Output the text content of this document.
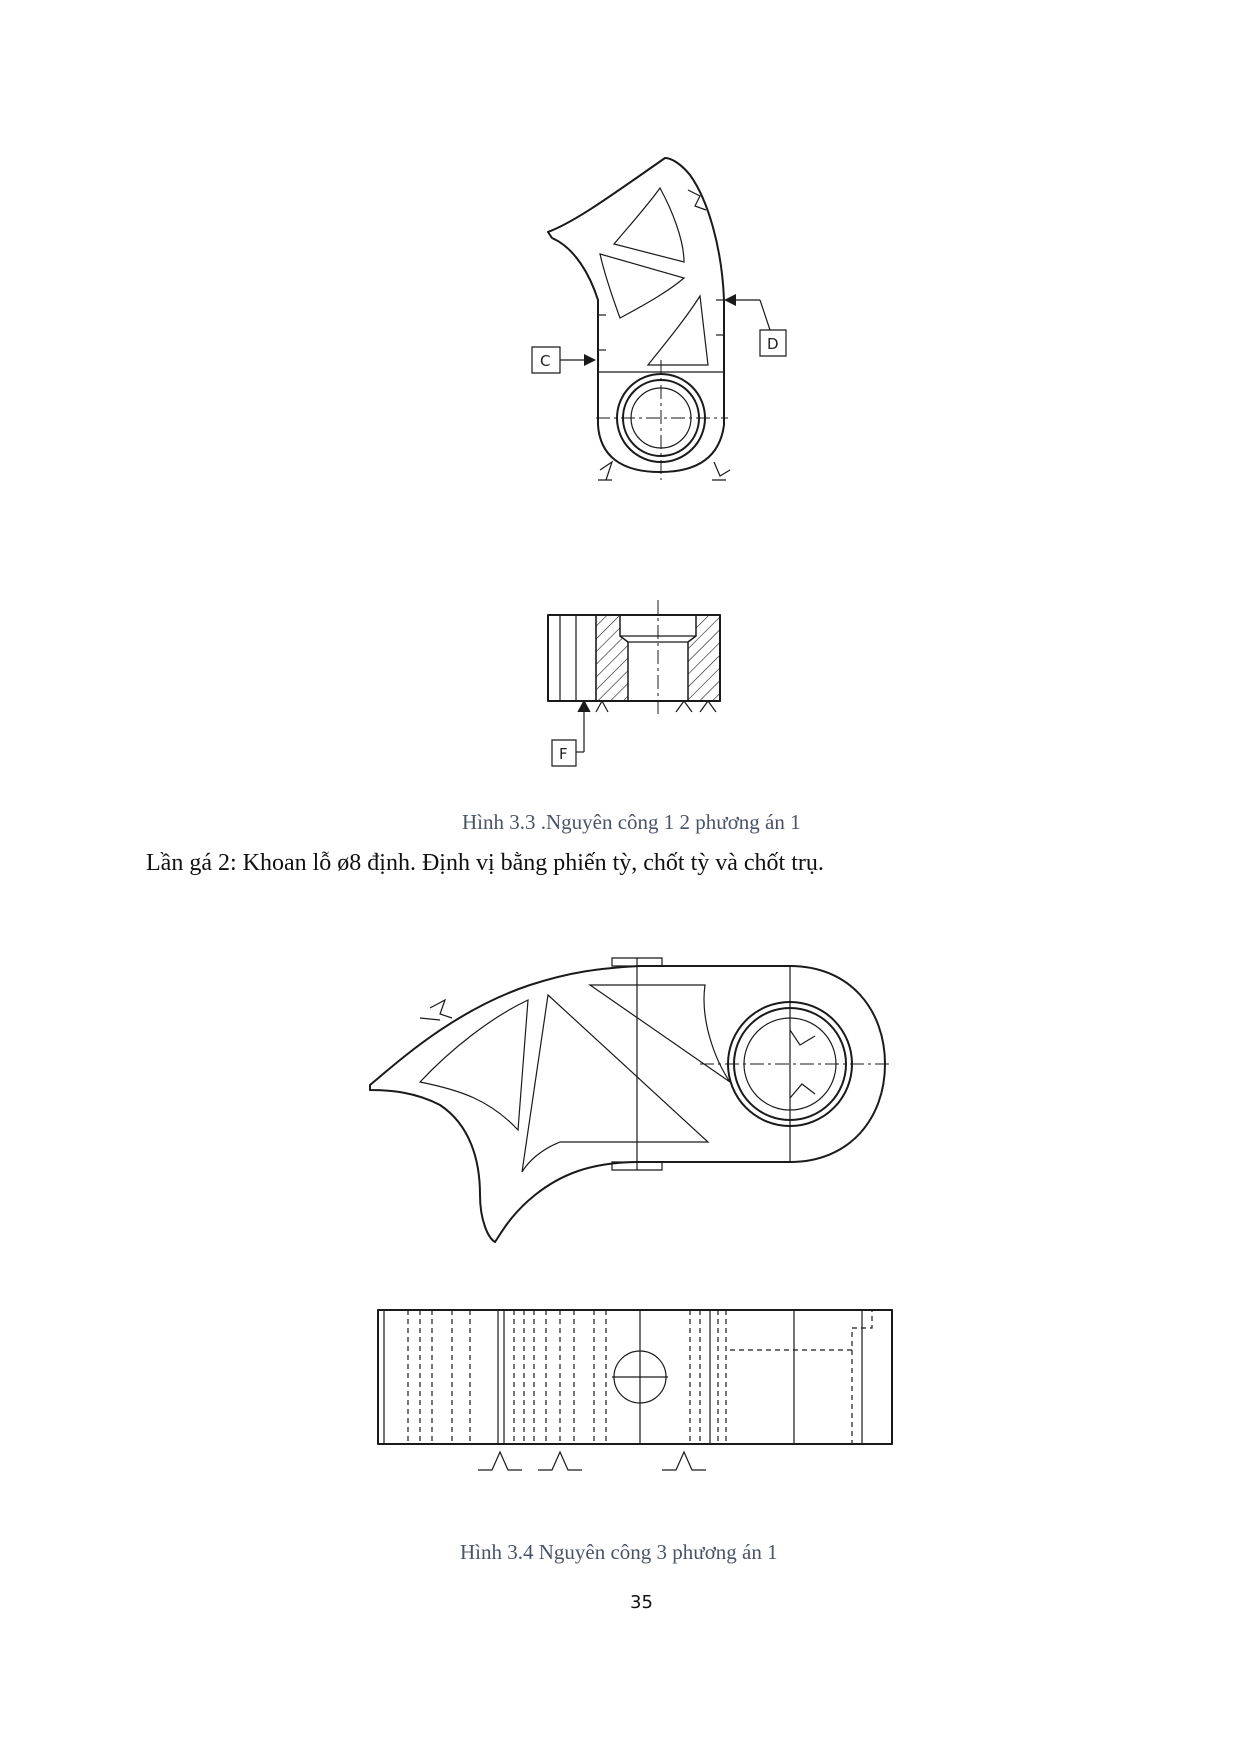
C
D
F
Hình 3.3 .Nguyên công 1 2 phương án 1
Lần gá 2: Khoan lỗ ø8 định. Định vị bằng phiến tỳ, chốt tỳ và chốt trụ.
Hình 3.4 Nguyên công 3 phương án 1
35
